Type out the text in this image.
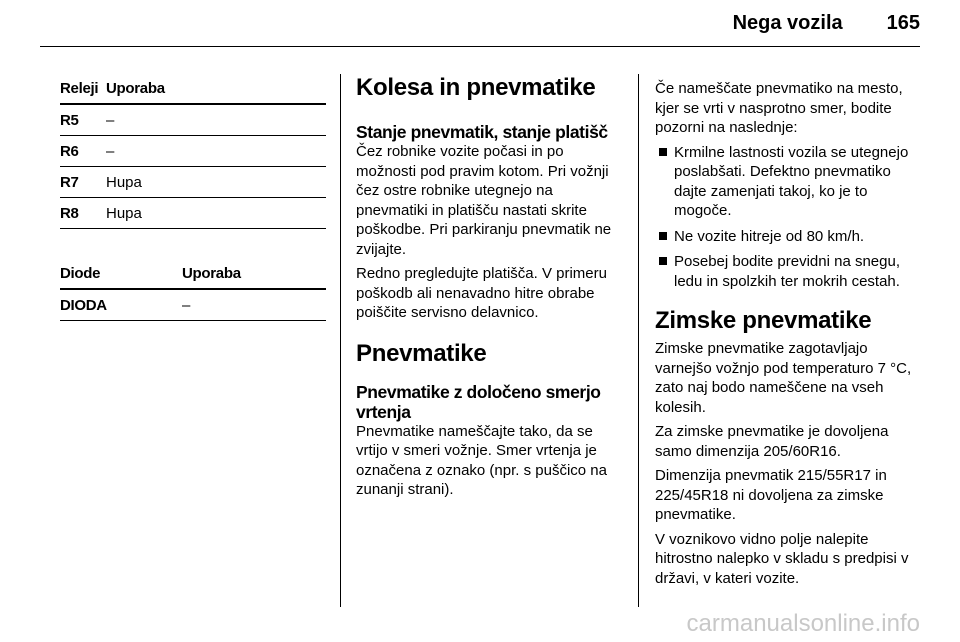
Nega vozila 165
Releji	Uporaba
R5	–
R6	–
R7	Hupa
R8	Hupa
Diode	Uporaba
DIODA	–
Kolesa in pnevmatike
Stanje pnevmatik, stanje platišč

Čez robnike vozite počasi in po možnosti pod pravim kotom. Pri vožnji čez ostre robnike utegnejo na pnevmatiki in platišču nastati skrite poškodbe. Pri parkiranju pnevmatik ne zvijajte.

Redno pregledujte platišča. V primeru poškodb ali nenavadno hitre obrabe poiščite servisno delavnico.

Pnevmatike
Pnevmatike z določeno smerjo vrtenja

Pnevmatike nameščajte tako, da se vrtijo v smeri vožnje. Smer vrtenja je označena z oznako (npr. s puščico na zunanji strani).

Če nameščate pnevmatiko na mesto, kjer se vrti v nasprotno smer, bodite pozorni na naslednje:

Krmilne lastnosti vozila se utegnejo poslabšati. Defektno pnevmatiko dajte zamenjati takoj, ko je to mogoče.
Ne vozite hitreje od 80 km/h.
Posebej bodite previdni na snegu, ledu in spolzkih ter mokrih cestah.
Zimske pnevmatike

Zimske pnevmatike zagotavljajo varnejšo vožnjo pod temperaturo 7 °C, zato naj bodo nameščene na vseh kolesih.

Za zimske pnevmatike je dovoljena samo dimenzija 205/60R16.

Dimenzija pnevmatik 215/55R17 in 225/45R18 ni dovoljena za zimske pnevmatike.

V voznikovo vidno polje nalepite hitrostno nalepko v skladu s predpisi v državi, v kateri vozite.

carmanualsonline.info
